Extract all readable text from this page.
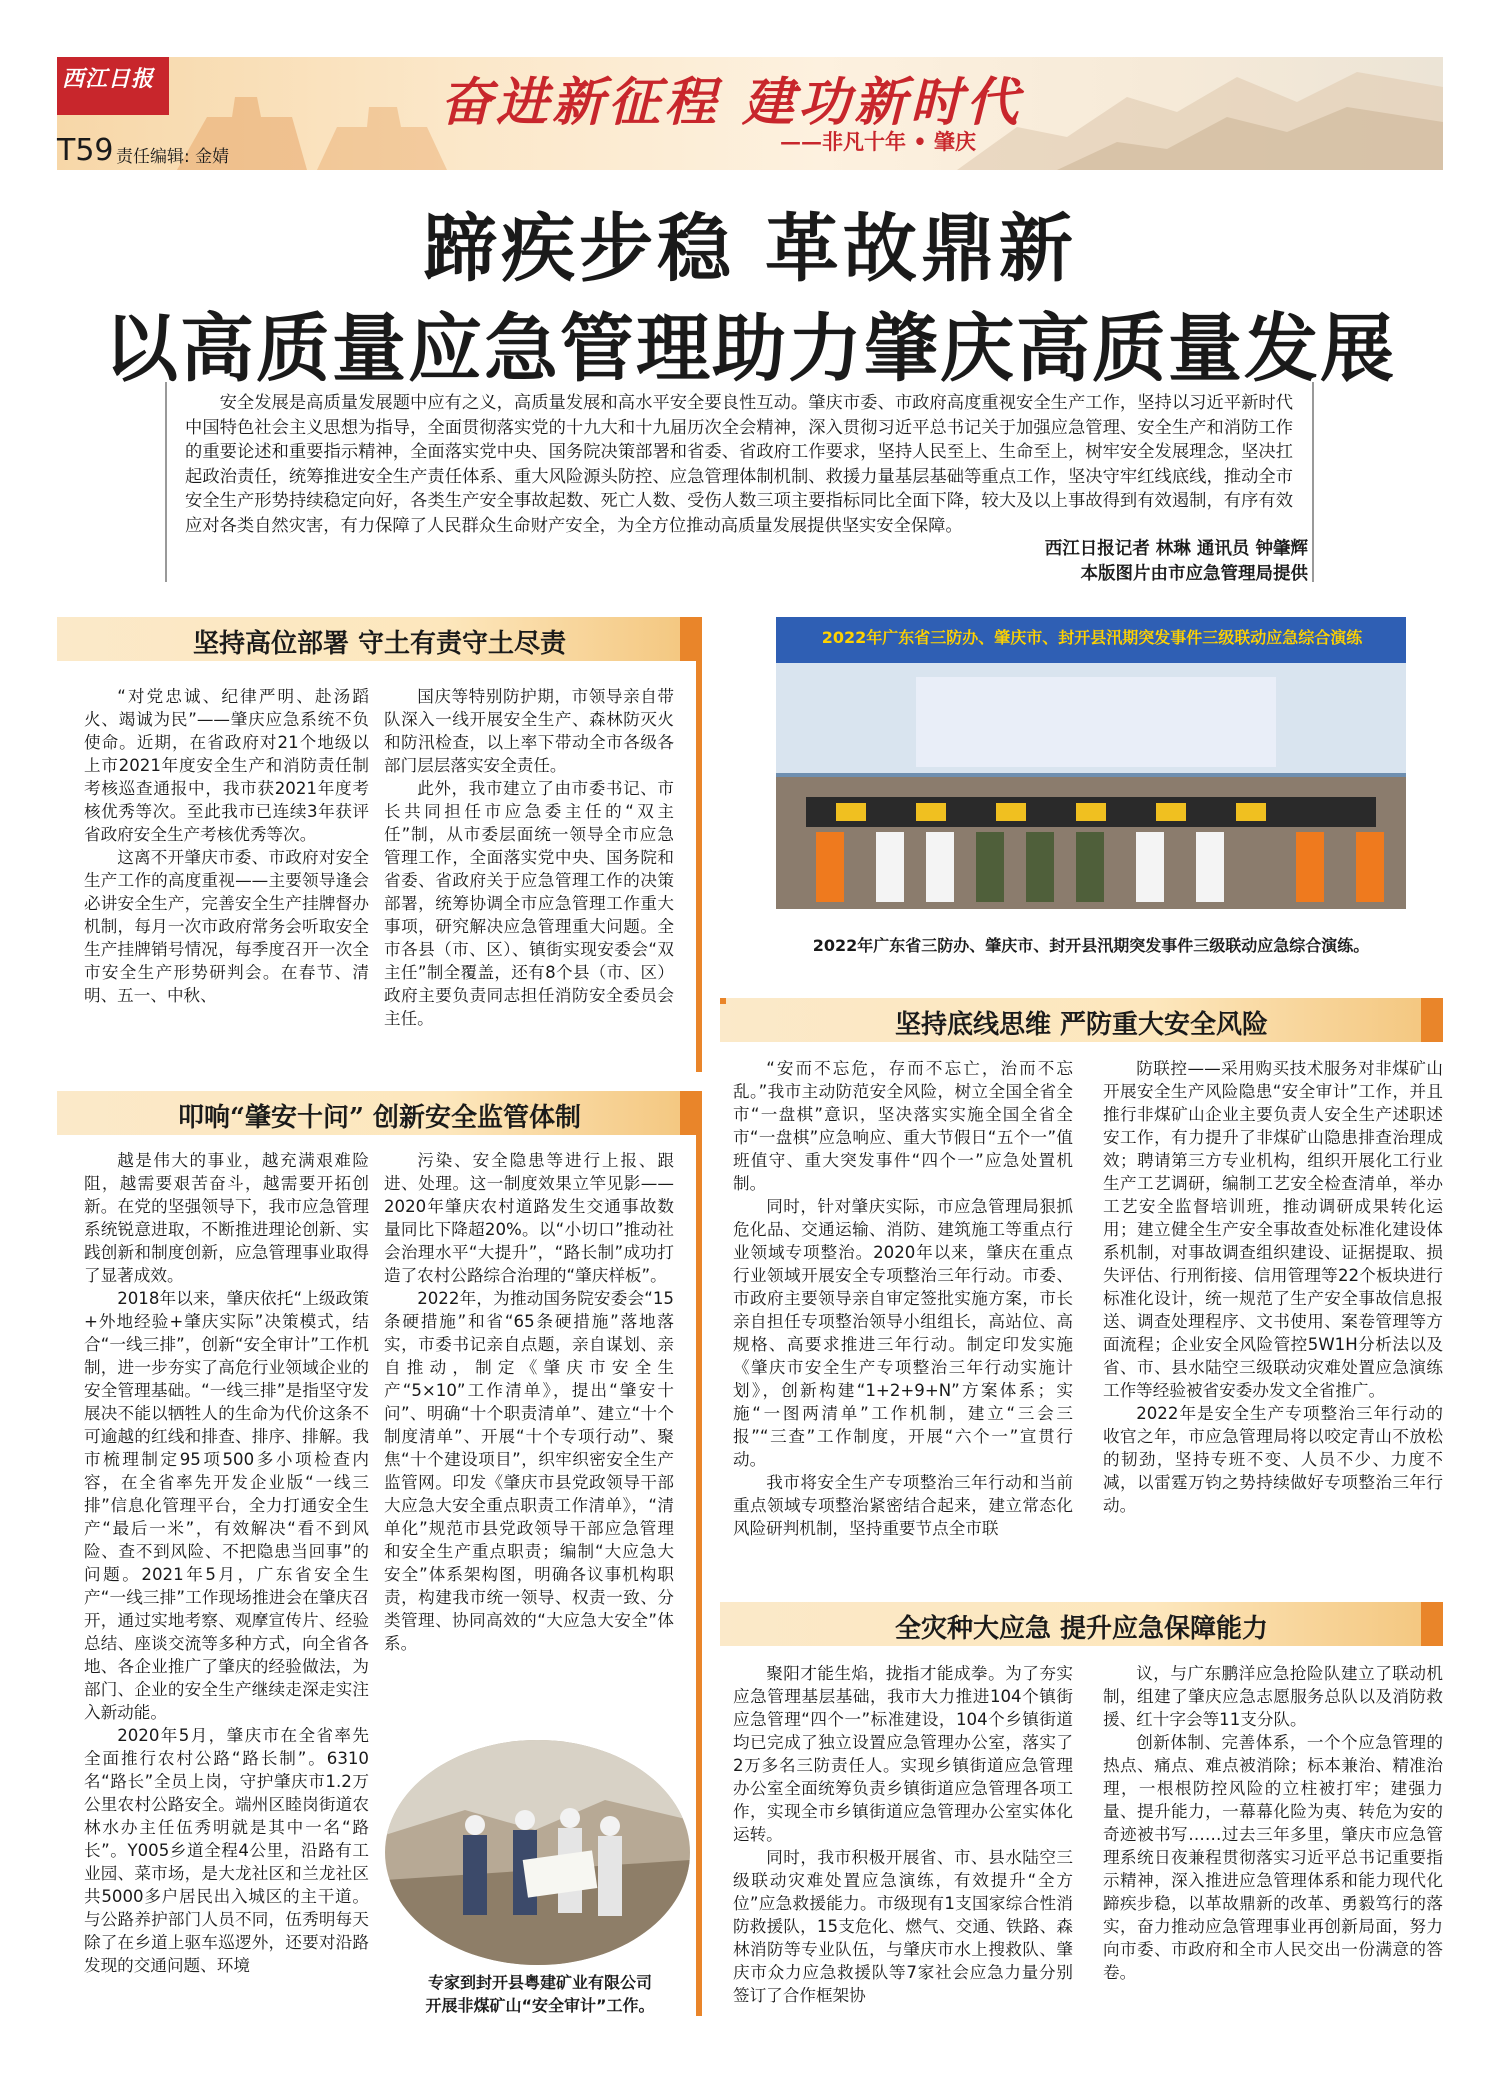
西江日报	奋进新征程 建功新时代
——非凡十年 • 肇庆
T59 责任编辑: 金婧
蹄疾步稳 革故鼎新
以高质量应急管理助力肇庆高质量发展
安全发展是高质量发展题中应有之义，高质量发展和高水平安全要良性互动。肇庆市委、市政府高度重视安全生产工作，坚持以习近平新时代中国特色社会主义思想为指导，全面贯彻落实党的十九大和十九届历次全会精神，深入贯彻习近平总书记关于加强应急管理、安全生产和消防工作的重要论述和重要指示精神，全面落实党中央、国务院决策部署和省委、省政府工作要求，坚持人民至上、生命至上，树牢安全发展理念，坚决扛起政治责任，统筹推进安全生产责任体系、重大风险源头防控、应急管理体制机制、救援力量基层基础等重点工作，坚决守牢红线底线，推动全市安全生产形势持续稳定向好，各类生产安全事故起数、死亡人数、受伤人数三项主要指标同比全面下降，较大及以上事故得到有效遏制，有序有效应对各类自然灾害，有力保障了人民群众生命财产安全，为全方位推动高质量发展提供坚实安全保障。
西江日报记者 林琳 通讯员 钟肇辉
本版图片由市应急管理局提供
坚持高位部署 守土有责守土尽责

“对党忠诚、纪律严明、赴汤蹈火、竭诚为民”——肇庆应急系统不负使命。近期，在省政府对21个地级以上市2021年度安全生产和消防责任制考核巡查通报中，我市获2021年度考核优秀等次。至此我市已连续3年获评省政府安全生产考核优秀等次。

这离不开肇庆市委、市政府对安全生产工作的高度重视——主要领导逢会必讲安全生产，完善安全生产挂牌督办机制，每月一次市政府常务会听取安全生产挂牌销号情况，每季度召开一次全市安全生产形势研判会。在春节、清明、五一、中秋、

国庆等特别防护期，市领导亲自带队深入一线开展安全生产、森林防灭火和防汛检查，以上率下带动全市各级各部门层层落实安全责任。

此外，我市建立了由市委书记、市长共同担任市应急委主任的“双主任”制，从市委层面统一领导全市应急管理工作，全面落实党中央、国务院和省委、省政府关于应急管理工作的决策部署，统筹协调全市应急管理工作重大事项，研究解决应急管理重大问题。全市各县（市、区）、镇街实现安委会“双主任”制全覆盖，还有8个县（市、区）政府主要负责同志担任消防安全委员会主任。

叩响“肇安十问” 创新安全监管体制

越是伟大的事业，越充满艰难险阻，越需要艰苦奋斗，越需要开拓创新。在党的坚强领导下，我市应急管理系统锐意进取，不断推进理论创新、实践创新和制度创新，应急管理事业取得了显著成效。

2018年以来，肇庆依托“上级政策+外地经验+肇庆实际”决策模式，结合“一线三排”，创新“安全审计”工作机制，进一步夯实了高危行业领域企业的安全管理基础。“一线三排”是指坚守发展决不能以牺牲人的生命为代价这条不可逾越的红线和排查、排序、排解。我市梳理制定95项500多小项检查内容，在全省率先开发企业版“一线三排”信息化管理平台，全力打通安全生产“最后一米”，有效解决“看不到风险、查不到风险、不把隐患当回事”的问题。2021年5月，广东省安全生产“一线三排”工作现场推进会在肇庆召开，通过实地考察、观摩宣传片、经验总结、座谈交流等多种方式，向全省各地、各企业推广了肇庆的经验做法，为部门、企业的安全生产继续走深走实注入新动能。

2020年5月，肇庆市在全省率先全面推行农村公路“路长制”。6310名“路长”全员上岗，守护肇庆市1.2万公里农村公路安全。端州区睦岗街道农林水办主任伍秀明就是其中一名“路长”。Y005乡道全程4公里，沿路有工业园、菜市场，是大龙社区和兰龙社区共5000多户居民出入城区的主干道。与公路养护部门人员不同，伍秀明每天除了在乡道上驱车巡逻外，还要对沿路发现的交通问题、环境

污染、安全隐患等进行上报、跟进、处理。这一制度效果立竿见影——2020年肇庆农村道路发生交通事故数量同比下降超20%。以“小切口”推动社会治理水平“大提升”，“路长制”成功打造了农村公路综合治理的“肇庆样板”。

2022年，为推动国务院安委会“15条硬措施”和省“65条硬措施”落地落实，市委书记亲自点题，亲自谋划、亲自推动，制定《肇庆市安全生产“5×10”工作清单》，提出“肇安十问”、明确“十个职责清单”、建立“十个制度清单”、开展“十个专项行动”、聚焦“十个建设项目”，织牢织密安全生产监管网。印发《肇庆市县党政领导干部大应急大安全重点职责工作清单》，“清单化”规范市县党政领导干部应急管理和安全生产重点职责；编制“大应急大安全”体系架构图，明确各议事机构职责，构建我市统一领导、权责一致、分类管理、协同高效的“大应急大安全”体系。

专家到封开县粤建矿业有限公司
开展非煤矿山“安全审计”工作。
2022年广东省三防办、肇庆市、封开县汛期突发事件三级联动应急综合演练
2022年广东省三防办、肇庆市、封开县汛期突发事件三级联动应急综合演练。
坚持底线思维 严防重大安全风险

“安而不忘危，存而不忘亡，治而不忘乱。”我市主动防范安全风险，树立全国全省全市“一盘棋”意识，坚决落实实施全国全省全市“一盘棋”应急响应、重大节假日“五个一”值班值守、重大突发事件“四个一”应急处置机制。

同时，针对肇庆实际，市应急管理局狠抓危化品、交通运输、消防、建筑施工等重点行业领域专项整治。2020年以来，肇庆在重点行业领域开展安全专项整治三年行动。市委、市政府主要领导亲自审定签批实施方案，市长亲自担任专项整治领导小组组长，高站位、高规格、高要求推进三年行动。制定印发实施《肇庆市安全生产专项整治三年行动实施计划》，创新构建“1+2+9+N”方案体系；实施“一图两清单”工作机制，建立“三会三报”“三查”工作制度，开展“六个一”宣贯行动。

我市将安全生产专项整治三年行动和当前重点领域专项整治紧密结合起来，建立常态化风险研判机制，坚持重要节点全市联

防联控——采用购买技术服务对非煤矿山开展安全生产风险隐患“安全审计”工作，并且推行非煤矿山企业主要负责人安全生产述职述安工作，有力提升了非煤矿山隐患排查治理成效；聘请第三方专业机构，组织开展化工行业生产工艺调研，编制工艺安全检查清单，举办工艺安全监督培训班，推动调研成果转化运用；建立健全生产安全事故查处标准化建设体系机制，对事故调查组织建设、证据提取、损失评估、行刑衔接、信用管理等22个板块进行标准化设计，统一规范了生产安全事故信息报送、调查处理程序、文书使用、案卷管理等方面流程；企业安全风险管控5W1H分析法以及省、市、县水陆空三级联动灾难处置应急演练工作等经验被省安委办发文全省推广。

2022年是安全生产专项整治三年行动的收官之年，市应急管理局将以咬定青山不放松的韧劲，坚持专班不变、人员不少、力度不减，以雷霆万钧之势持续做好专项整治三年行动。

全灾种大应急 提升应急保障能力

聚阳才能生焰，拢指才能成拳。为了夯实应急管理基层基础，我市大力推进104个镇街应急管理“四个一”标准建设，104个乡镇街道均已完成了独立设置应急管理办公室，落实了2万多名三防责任人。实现乡镇街道应急管理办公室全面统筹负责乡镇街道应急管理各项工作，实现全市乡镇街道应急管理办公室实体化运转。

同时，我市积极开展省、市、县水陆空三级联动灾难处置应急演练，有效提升“全方位”应急救援能力。市级现有1支国家综合性消防救援队，15支危化、燃气、交通、铁路、森林消防等专业队伍，与肇庆市水上搜救队、肇庆市众力应急救援队等7家社会应急力量分别签订了合作框架协

议，与广东鹏洋应急抢险队建立了联动机制，组建了肇庆应急志愿服务总队以及消防救援、红十字会等11支分队。

创新体制、完善体系，一个个应急管理的热点、痛点、难点被消除；标本兼治、精准治理，一根根防控风险的立柱被打牢；建强力量、提升能力，一幕幕化险为夷、转危为安的奇迹被书写……过去三年多里，肇庆市应急管理系统日夜兼程贯彻落实习近平总书记重要指示精神，深入推进应急管理体系和能力现代化蹄疾步稳，以革故鼎新的改革、勇毅笃行的落实，奋力推动应急管理事业再创新局面，努力向市委、市政府和全市人民交出一份满意的答卷。
